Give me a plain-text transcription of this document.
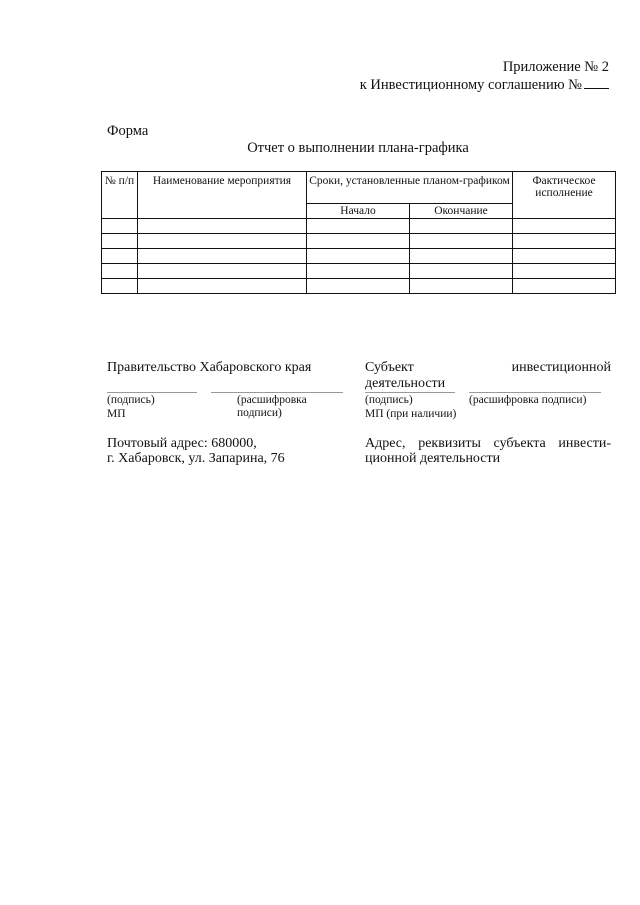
Приложение № 2
к Инвестиционному соглашению №
Форма
Отчет о выполнении плана-графика
№ п/п	Наименование мероприятия	Сроки, установленные планом-графиком		Фактическое исполнение
		Начало	Окончание	

Правительство Хабаровского края
(подпись)	(расшифровка подписи)
МП
Почтовый адрес: 680000,
г. Хабаровск, ул. Запарина, 76
Субъект	инвестиционной
деятельности
(подпись)	(расшифровка подписи)
МП (при наличии)
Адрес, реквизиты субъекта инвести-
ционной деятельности
